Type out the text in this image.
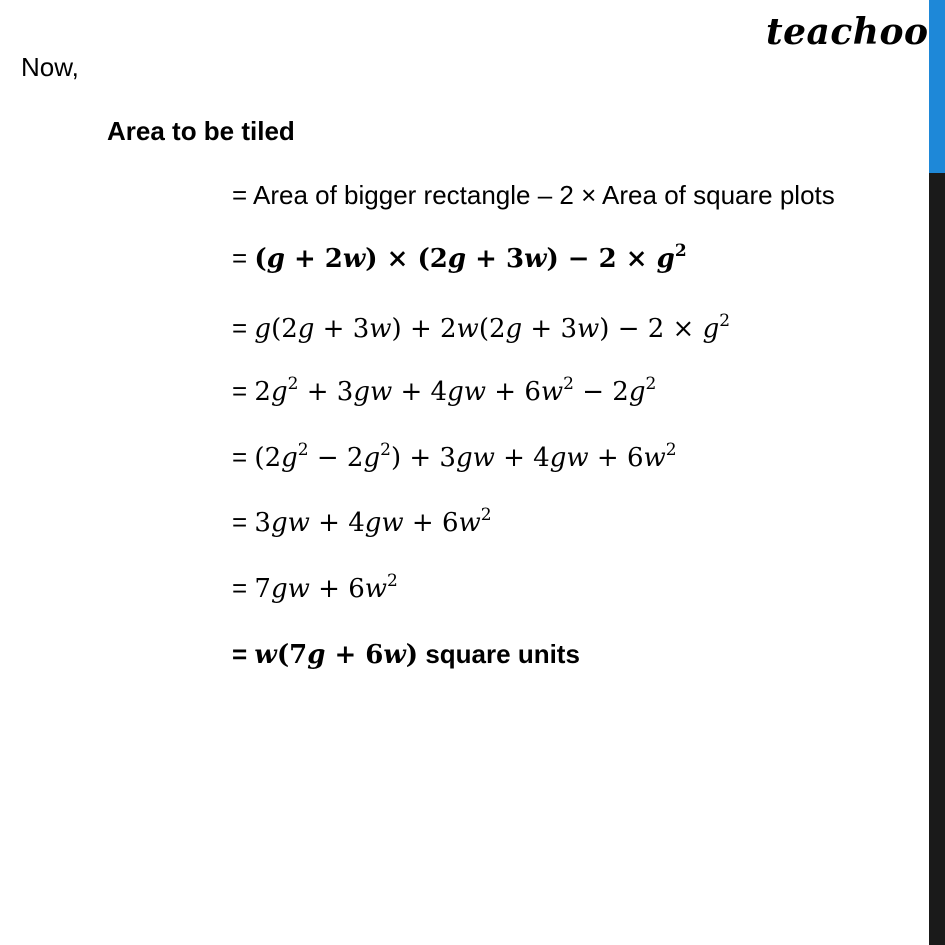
teachoo
Now,
Area to be tiled
= Area of bigger rectangle – 2 × Area of square plots
= $(g + 2w) \times (2g + 3w) - 2 \times g^2$
= $g(2g + 3w) + 2w(2g + 3w) - 2 \times g^2$
= $2g^2 + 3gw + 4gw + 6w^2 - 2g^2$
= $(2g^2 - 2g^2) + 3gw + 4gw + 6w^2$
= $3gw + 4gw + 6w^2$
= $7gw + 6w^2$
= w(7g + 6w) square units
